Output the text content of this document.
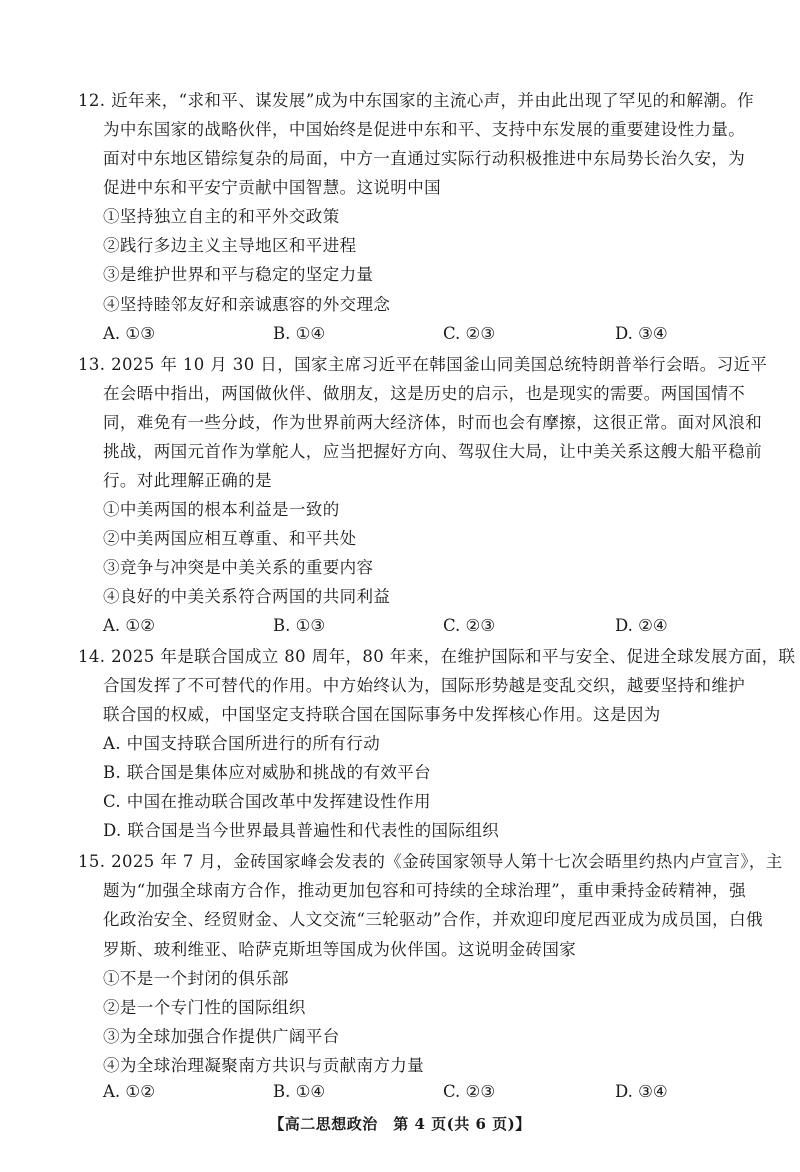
12. 近年来，“求和平、谋发展”成为中东国家的主流心声，并由此出现了罕见的和解潮。作
为中东国家的战略伙伴，中国始终是促进中东和平、支持中东发展的重要建设性力量。
面对中东地区错综复杂的局面，中方一直通过实际行动积极推进中东局势长治久安，为
促进中东和平安宁贡献中国智慧。这说明中国
①坚持独立自主的和平外交政策
②践行多边主义主导地区和平进程
③是维护世界和平与稳定的坚定力量
④坚持睦邻友好和亲诚惠容的外交理念
A. ①③	B. ①④	C. ②③	D. ③④
13. 2025 年 10 月 30 日，国家主席习近平在韩国釜山同美国总统特朗普举行会晤。习近平
在会晤中指出，两国做伙伴、做朋友，这是历史的启示，也是现实的需要。两国国情不
同，难免有一些分歧，作为世界前两大经济体，时而也会有摩擦，这很正常。面对风浪和
挑战，两国元首作为掌舵人，应当把握好方向、驾驭住大局，让中美关系这艘大船平稳前
行。对此理解正确的是
①中美两国的根本利益是一致的
②中美两国应相互尊重、和平共处
③竞争与冲突是中美关系的重要内容
④良好的中美关系符合两国的共同利益
A. ①②	B. ①③	C. ②③	D. ②④
14. 2025 年是联合国成立 80 周年，80 年来，在维护国际和平与安全、促进全球发展方面，联
合国发挥了不可替代的作用。中方始终认为，国际形势越是变乱交织，越要坚持和维护
联合国的权威，中国坚定支持联合国在国际事务中发挥核心作用。这是因为
A. 中国支持联合国所进行的所有行动
B. 联合国是集体应对威胁和挑战的有效平台
C. 中国在推动联合国改革中发挥建设性作用
D. 联合国是当今世界最具普遍性和代表性的国际组织
15. 2025 年 7 月，金砖国家峰会发表的《金砖国家领导人第十七次会晤里约热内卢宣言》，主
题为“加强全球南方合作，推动更加包容和可持续的全球治理”，重申秉持金砖精神，强
化政治安全、经贸财金、人文交流“三轮驱动”合作，并欢迎印度尼西亚成为成员国，白俄
罗斯、玻利维亚、哈萨克斯坦等国成为伙伴国。这说明金砖国家
①不是一个封闭的俱乐部
②是一个专门性的国际组织
③为全球加强合作提供广阔平台
④为全球治理凝聚南方共识与贡献南方力量
A. ①②	B. ①④	C. ②③	D. ③④
【高二思想政治　第 4 页(共 6 页)】
